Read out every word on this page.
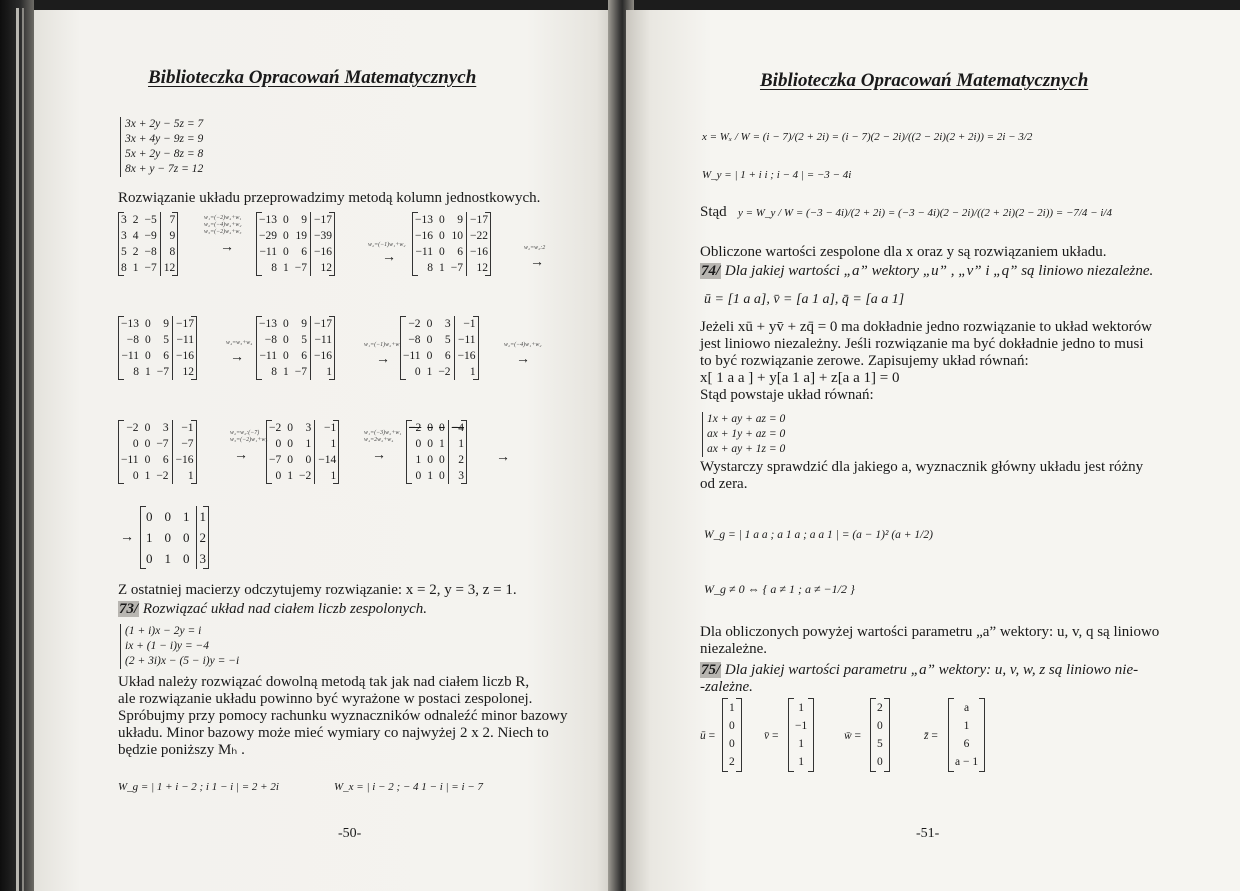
Biblioteczka Opracowań Matematycznych
3x + 2y − 5z = 7
3x + 4y − 9z = 9
5x + 2y − 8z = 8
8x + y − 7z = 12
Rozwiązanie układu przeprowadzimy metodą kolumn jednostkowych.
3	2	−5	7
3	4	−9	9
5	2	−8	8
8	1	−7	12
w₁=(−2)w₄+w₁
w₂=(−4)w₄+w₂
w₃=(−2)w₄+w₃
→
−13	0	9	−17
−29	0	19	−39
−11	0	6	−16
8	1	−7	12
w₂=(−1)w₁+w₂
→
−13	0	9	−17
−16	0	10	−22
−11	0	6	−16
8	1	−7	12
w₂=w₂:2
→
−13	0	9	−17
−8	0	5	−11
−11	0	6	−16
8	1	−7	12
w₄=w₃+w₄
→
−13	0	9	−17
−8	0	5	−11
−11	0	6	−16
8	1	−7	1
w₁=(−1)w₂+w₁
→
−2	0	3	−1
−8	0	5	−11
−11	0	6	−16
0	1	−2	1
w₂=(−4)w₁+w₂
→
−2	0	3	−1
0	0	−7	−7
−11	0	6	−16
0	1	−2	1
w₂=w₂:(−7)
w₃=(−2)w₁+w₃
→
−2	0	3	−1
0	0	1	1
−7	0	0	−14
0	1	−2	1
w₁=(−3)w₂+w₁
w₄=2w₂+w₄
→
−2	0	0	−4
0	0	1	1
1	0	0	2
0	1	0	3
→
→
0	0	1	1
1	0	0	2
0	1	0	3
Z ostatniej macierzy odczytujemy rozwiązanie: x = 2, y = 3, z = 1.
73/ Rozwiązać układ nad ciałem liczb zespolonych.
(1 + i)x − 2y = i
ix + (1 − i)y = −4
(2 + 3i)x − (5 − i)y = −i
Układ należy rozwiązać dowolną metodą tak jak nad ciałem liczb R,
ale rozwiązanie układu powinno być wyrażone w postaci zespolonej.
Spróbujmy przy pomocy rachunku wyznaczników odnaleźć minor bazowy
układu. Minor bazowy może mieć wymiary co najwyżej 2 x 2. Niech to
będzie poniższy Mₕ .
W_g = | 1 + i − 2 ; i 1 − i | = 2 + 2i	W_x = | i − 2 ; − 4 1 − i | = i − 7
-50-
Biblioteczka Opracowań Matematycznych
x = Wₓ / W = (i − 7)/(2 + 2i) = (i − 7)(2 − 2i)/((2 − 2i)(2 + 2i)) = 2i − 3/2
W_y = | 1 + i i ; i − 4 | = −3 − 4i
Stąd y = W_y / W = (−3 − 4i)/(2 + 2i) = (−3 − 4i)(2 − 2i)/((2 + 2i)(2 − 2i)) = −7/4 − i/4
Obliczone wartości zespolone dla x oraz y są rozwiązaniem układu.
74/ Dla jakiej wartości „a” wektory „u” , „v” i „q” są liniowo niezależne.
ū = [1 a a], v̄ = [a 1 a], q̄ = [a a 1]
Jeżeli xū + yv̄ + zq̄ = 0 ma dokładnie jedno rozwiązanie to układ wektorów
jest liniowo niezależny. Jeśli rozwiązanie ma być dokładnie jedno to musi
to być rozwiązanie zerowe. Zapisujemy układ równań:
x[ 1 a a ] + y[a 1 a] + z[a a 1] = 0
Stąd powstaje układ równań:
1x + ay + az = 0
ax + 1y + az = 0
ax + ay + 1z = 0
Wystarczy sprawdzić dla jakiego a, wyznacznik główny układu jest różny
od zera.
W_g = | 1 a a ; a 1 a ; a a 1 | = (a − 1)² (a + 1/2)
W_g ≠ 0 ⇔ { a ≠ 1 ; a ≠ −1/2 }
Dla obliczonych powyżej wartości parametru „a” wektory: u, v, q są liniowo
niezależne.
75/ Dla jakiej wartości parametru „a” wektory: u, v, w, z są liniowo nie-
-zależne.
ū =
1
0
0
2
v̄ =
1
−1
1
1
w̄ =
2
0
5
0
z̄ =
a
1
6
a − 1
-51-
